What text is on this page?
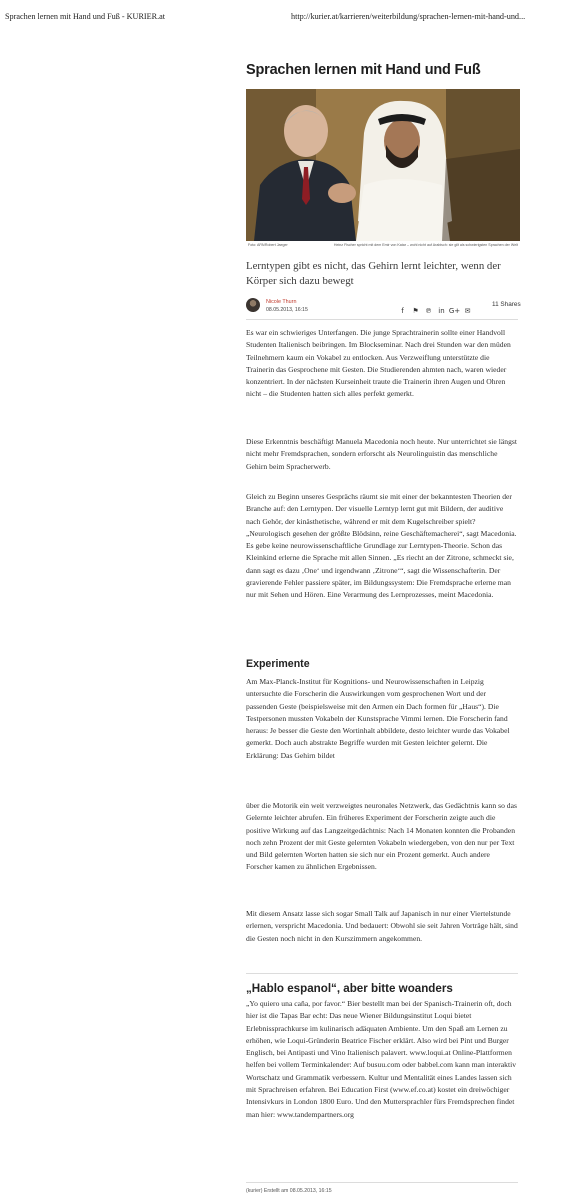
Sprachen lernen mit Hand und Fuß - KURIER.at	http://kurier.at/karrieren/weiterbildung/sprachen-lernen-mit-hand-und...
Sprachen lernen mit Hand und Fuß
Foto: APA/Robert Jaeger	Heinz Fischer spricht mit dem Emir von Katar – wohl nicht auf Arabisch: sie gilt als schwierigsten Sprachen der Welt
Lerntypen gibt es nicht, das Gehirn lernt leichter, wenn der Körper sich dazu bewegt
Nicole Thurn
08.05.2013, 16:15	f ⚑ ℗ in G+ ✉
11 Shares

Es war ein schwieriges Unterfangen. Die junge Sprachtrainerin sollte einer Handvoll Studenten Italienisch beibringen. Im Blockseminar. Nach drei Stunden war den müden Teilnehmern kaum ein Vokabel zu entlocken. Aus Verzweiflung unterstützte die Trainerin das Gesprochene mit Gesten. Die Studierenden ahmten nach, waren wieder konzentriert. In der nächsten Kurseinheit traute die Trainerin ihren Augen und Ohren nicht – die Studenten hatten sich alles perfekt gemerkt.

Diese Erkenntnis beschäftigt Manuela Macedonia noch heute. Nur unterrichtet sie längst nicht mehr Fremdsprachen, sondern erforscht als Neurolinguistin das menschliche Gehirn beim Spracherwerb.

Gleich zu Beginn unseres Gesprächs räumt sie mit einer der bekanntesten Theorien der Branche auf: den Lerntypen. Der visuelle Lerntyp lernt gut mit Bildern, der auditive nach Gehör, der kinästhetische, während er mit dem Kugelschreiber spielt? „Neurologisch gesehen der größte Blödsinn, reine Geschäftemacherei“, sagt Macedonia. Es gebe keine neurowissenschaftliche Grundlage zur Lerntypen-Theorie. Schon das Kleinkind erlerne die Sprache mit allen Sinnen. „Es riecht an der Zitrone, schmeckt sie, dann sagt es dazu ‚One‘ und irgendwann ‚Zitrone‘“, sagt die Wissenschafterin. Der gravierende Fehler passiere später, im Bildungssystem: Die Fremdsprache erlerne man nur mit Sehen und Hören. Eine Verarmung des Lernprozesses, meint Macedonia.

Experimente

Am Max-Planck-Institut für Kognitions- und Neurowissenschaften in Leipzig untersuchte die Forscherin die Auswirkungen vom gesprochenen Wort und der passenden Geste (beispielsweise mit den Armen ein Dach formen für „Haus“). Die Testpersonen mussten Vokabeln der Kunstsprache Vimmi lernen. Die Forscherin fand heraus: Je besser die Geste den Wortinhalt abbildete, desto leichter wurde das Vokabel gemerkt. Doch auch abstrakte Begriffe wurden mit Gesten leichter gelernt. Die Erklärung: Das Gehirn bildet

über die Motorik ein weit verzweigtes neuronales Netzwerk, das Gedächtnis kann so das Gelernte leichter abrufen. Ein früheres Experiment der Forscherin zeigte auch die positive Wirkung auf das Langzeitgedächtnis: Nach 14 Monaten konnten die Probanden noch zehn Prozent der mit Geste gelernten Vokabeln wiedergeben, von den nur per Text und Bild gelernten Worten hatten sie sich nur ein Prozent gemerkt. Auch andere Forscher kamen zu ähnlichen Ergebnissen.

Mit diesem Ansatz lasse sich sogar Small Talk auf Japanisch in nur einer Viertelstunde erlernen, verspricht Macedonia. Und bedauert: Obwohl sie seit Jahren Vorträge hält, sind die Gesten noch nicht in den Kurszimmern angekommen.

„Hablo espanol“, aber bitte woanders

„Yo quiero una caña, por favor.“ Bier bestellt man bei der Spanisch-Trainerin oft, doch hier ist die Tapas Bar echt: Das neue Wiener Bildungsinstitut Loqui bietet Erlebnissprachkurse im kulinarisch adäquaten Ambiente. Um den Spaß am Lernen zu erhöhen, wie Loqui-Gründerin Beatrice Fischer erklärt. Also wird bei Pint und Burger Englisch, bei Antipasti und Vino Italienisch palavert. www.loqui.at Online-Plattformen helfen bei vollem Terminkalender: Auf busuu.com oder babbel.com kann man interaktiv Wortschatz und Grammatik verbessern. Kultur und Mentalität eines Landes lassen sich mit Sprachreisen erfahren. Bei Education First (www.ef.co.at) kostet ein dreiwöchiger Intensivkurs in London 1800 Euro. Und den Muttersprachler fürs Fremdsprechen findet man hier: www.tandempartners.org

(kurier) Erstellt am 08.05.2013, 16:15
